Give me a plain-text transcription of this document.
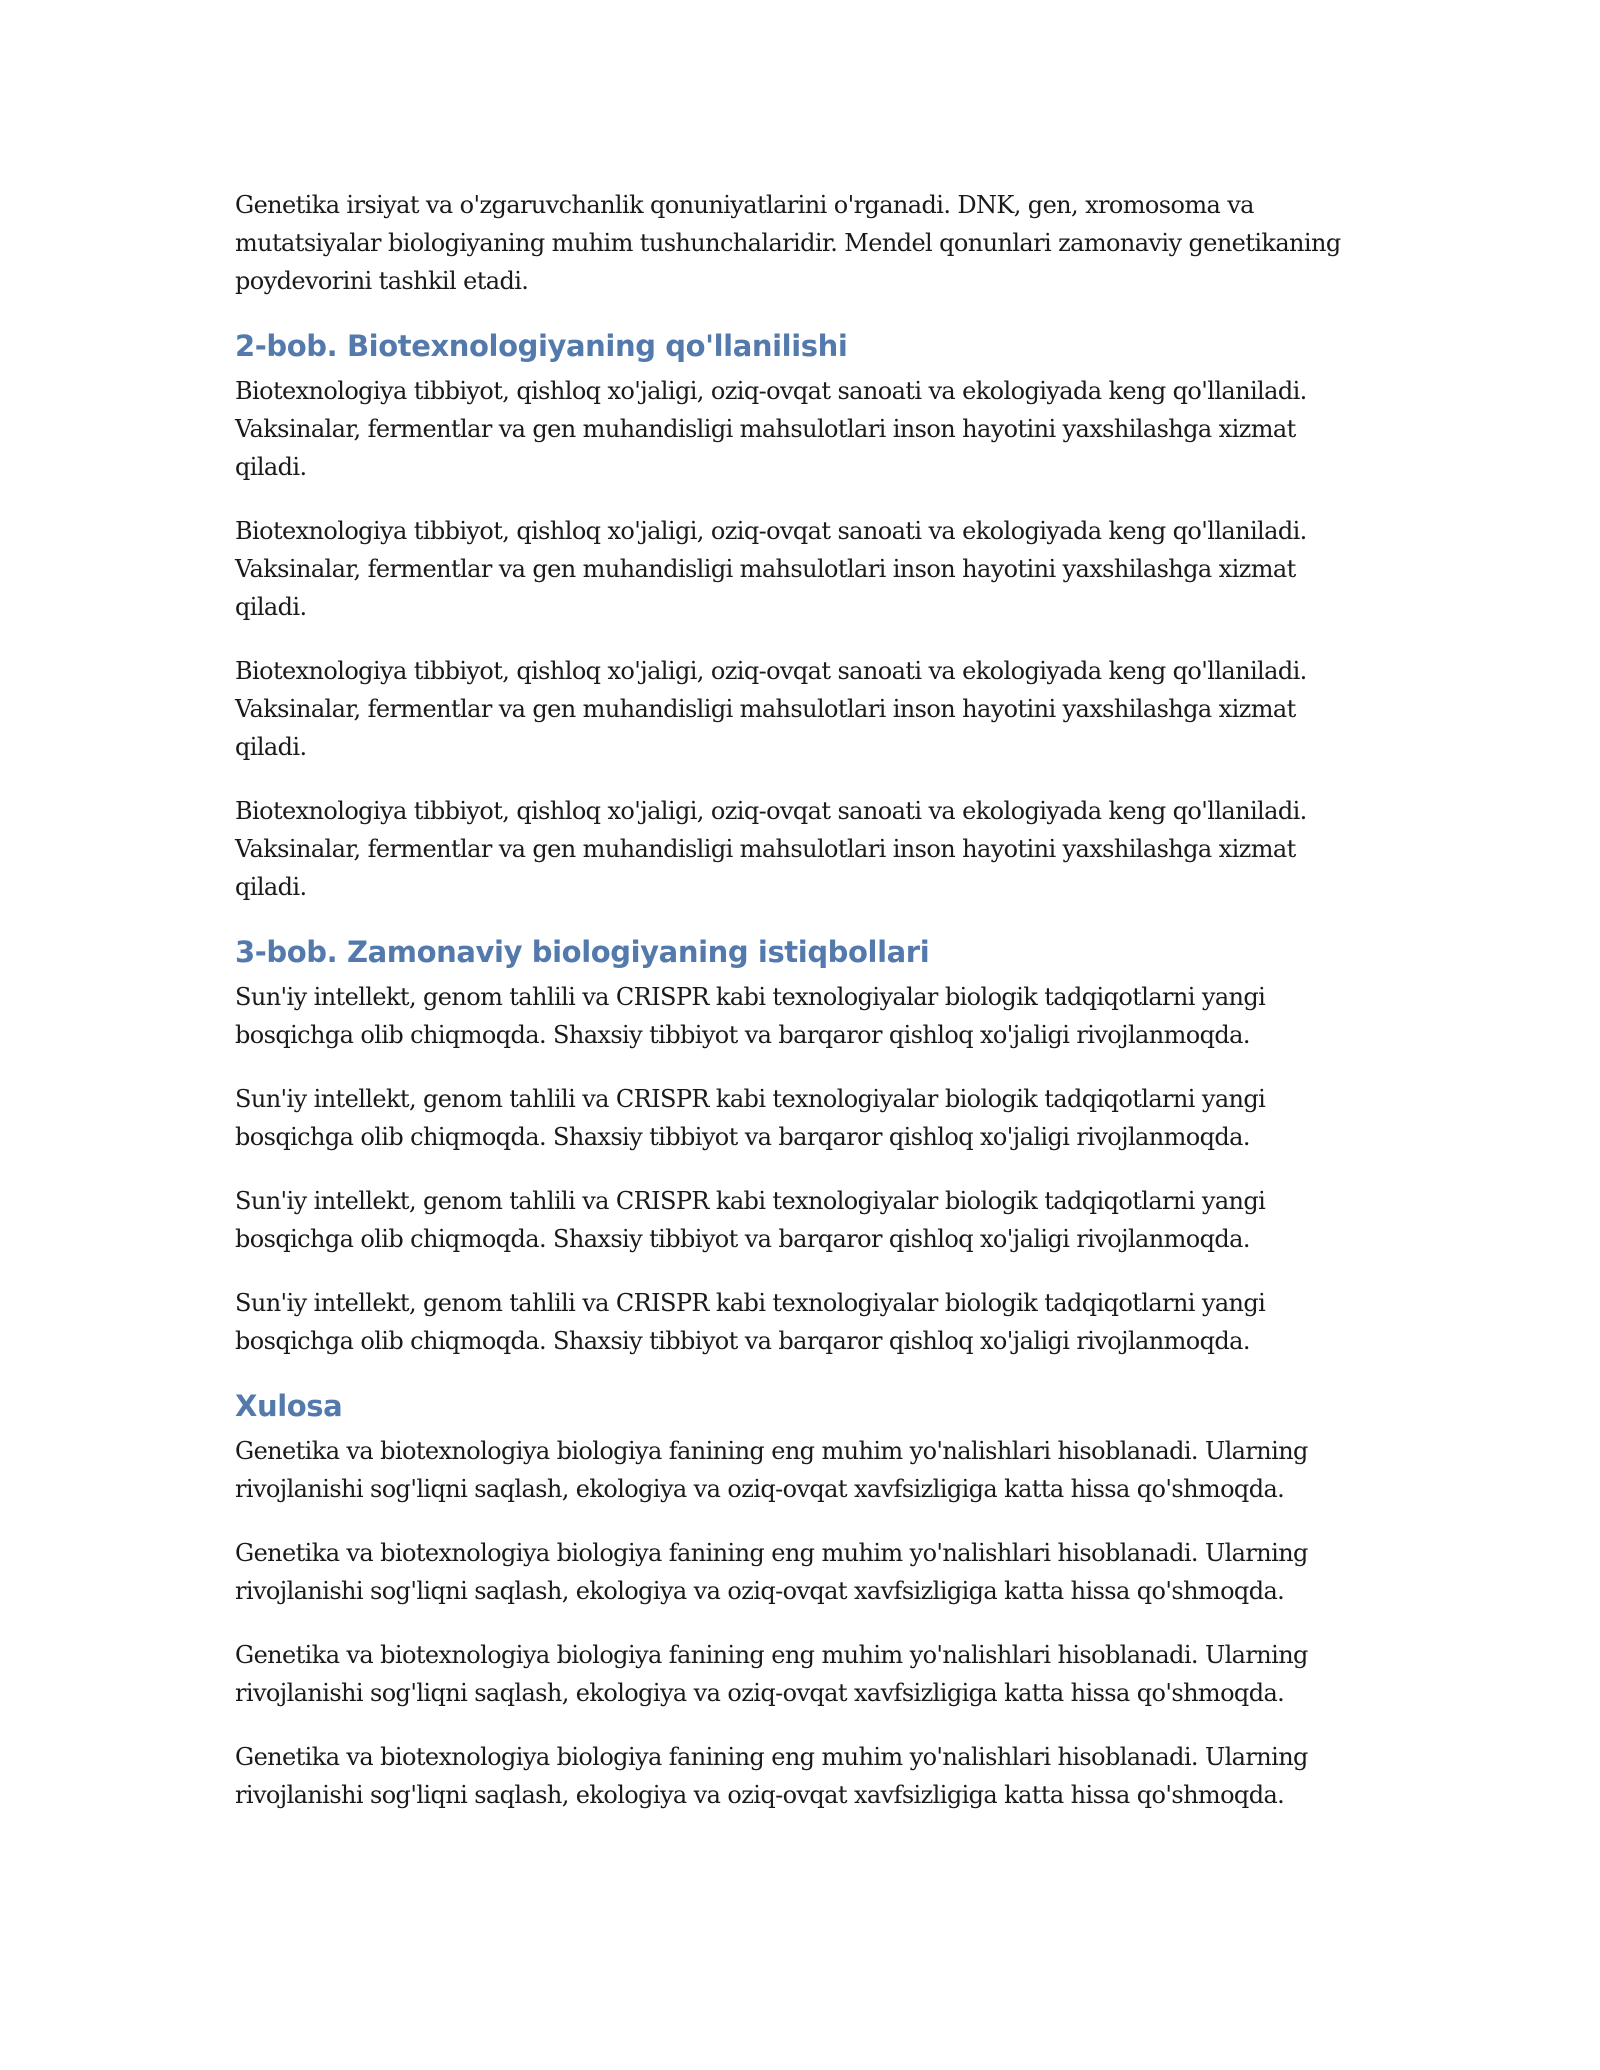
Genetika irsiyat va o'zgaruvchanlik qonuniyatlarini o'rganadi. DNK, gen, xromosoma va mutatsiyalar biologiyaning muhim tushunchalaridir. Mendel qonunlari zamonaviy genetikaning poydevorini tashkil etadi.

2-bob. Biotexnologiyaning qo'llanilishi

Biotexnologiya tibbiyot, qishloq xo'jaligi, oziq-ovqat sanoati va ekologiyada keng qo'llaniladi. Vaksinalar, fermentlar va gen muhandisligi mahsulotlari inson hayotini yaxshilashga xizmat qiladi.

Biotexnologiya tibbiyot, qishloq xo'jaligi, oziq-ovqat sanoati va ekologiyada keng qo'llaniladi. Vaksinalar, fermentlar va gen muhandisligi mahsulotlari inson hayotini yaxshilashga xizmat qiladi.

Biotexnologiya tibbiyot, qishloq xo'jaligi, oziq-ovqat sanoati va ekologiyada keng qo'llaniladi. Vaksinalar, fermentlar va gen muhandisligi mahsulotlari inson hayotini yaxshilashga xizmat qiladi.

Biotexnologiya tibbiyot, qishloq xo'jaligi, oziq-ovqat sanoati va ekologiyada keng qo'llaniladi. Vaksinalar, fermentlar va gen muhandisligi mahsulotlari inson hayotini yaxshilashga xizmat qiladi.

3-bob. Zamonaviy biologiyaning istiqbollari

Sun'iy intellekt, genom tahlili va CRISPR kabi texnologiyalar biologik tadqiqotlarni yangi bosqichga olib chiqmoqda. Shaxsiy tibbiyot va barqaror qishloq xo'jaligi rivojlanmoqda.

Sun'iy intellekt, genom tahlili va CRISPR kabi texnologiyalar biologik tadqiqotlarni yangi bosqichga olib chiqmoqda. Shaxsiy tibbiyot va barqaror qishloq xo'jaligi rivojlanmoqda.

Sun'iy intellekt, genom tahlili va CRISPR kabi texnologiyalar biologik tadqiqotlarni yangi bosqichga olib chiqmoqda. Shaxsiy tibbiyot va barqaror qishloq xo'jaligi rivojlanmoqda.

Sun'iy intellekt, genom tahlili va CRISPR kabi texnologiyalar biologik tadqiqotlarni yangi bosqichga olib chiqmoqda. Shaxsiy tibbiyot va barqaror qishloq xo'jaligi rivojlanmoqda.

Xulosa

Genetika va biotexnologiya biologiya fanining eng muhim yo'nalishlari hisoblanadi. Ularning rivojlanishi sog'liqni saqlash, ekologiya va oziq-ovqat xavfsizligiga katta hissa qo'shmoqda.

Genetika va biotexnologiya biologiya fanining eng muhim yo'nalishlari hisoblanadi. Ularning rivojlanishi sog'liqni saqlash, ekologiya va oziq-ovqat xavfsizligiga katta hissa qo'shmoqda.

Genetika va biotexnologiya biologiya fanining eng muhim yo'nalishlari hisoblanadi. Ularning rivojlanishi sog'liqni saqlash, ekologiya va oziq-ovqat xavfsizligiga katta hissa qo'shmoqda.

Genetika va biotexnologiya biologiya fanining eng muhim yo'nalishlari hisoblanadi. Ularning rivojlanishi sog'liqni saqlash, ekologiya va oziq-ovqat xavfsizligiga katta hissa qo'shmoqda.
